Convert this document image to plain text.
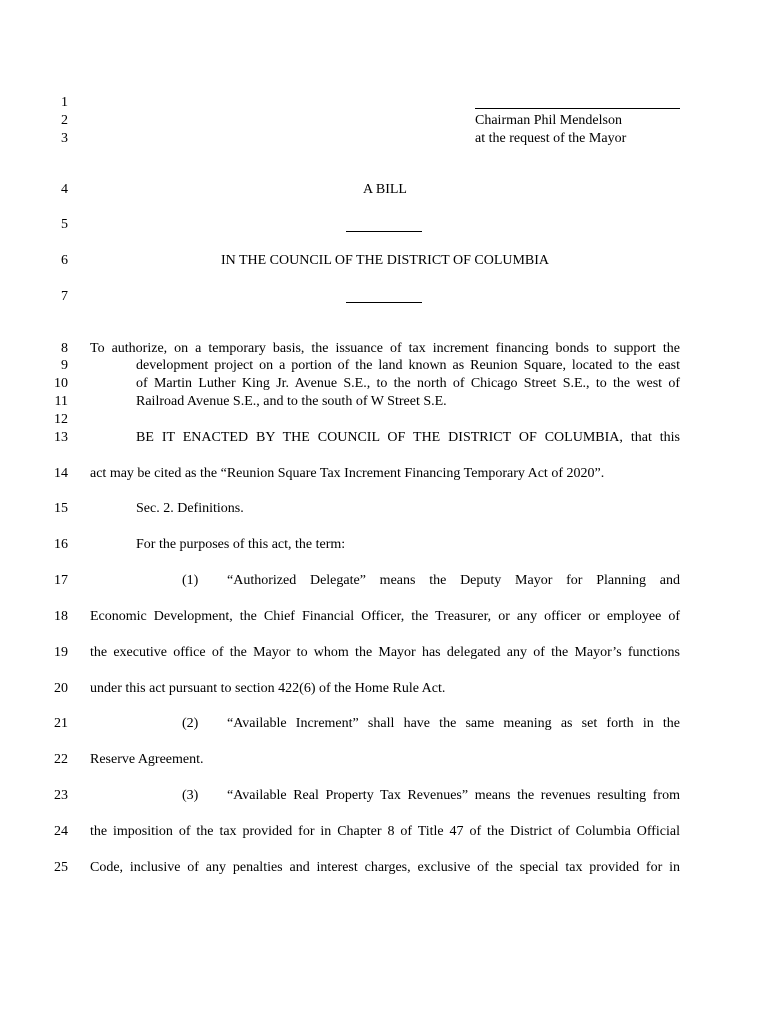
1
2
3
4
5
6
7
8
9
10
11
12
13
14
15
16
17
18
19
20
21
22
23
24
25
Chairman Phil Mendelson
at the request of the Mayor
A BILL
IN THE COUNCIL OF THE DISTRICT OF COLUMBIA
To authorize, on a temporary basis, the issuance of tax increment financing bonds to support the
development project on a portion of the land known as Reunion Square, located to the east
of Martin Luther King Jr. Avenue S.E., to the north of Chicago Street S.E., to the west of
Railroad Avenue S.E., and to the south of W Street S.E.
BE IT ENACTED BY THE COUNCIL OF THE DISTRICT OF COLUMBIA, that this
act may be cited as the “Reunion Square Tax Increment Financing Temporary Act of 2020”.
Sec. 2. Definitions.
For the purposes of this act, the term:
(1) “Authorized Delegate” means the Deputy Mayor for Planning and
Economic Development, the Chief Financial Officer, the Treasurer, or any officer or employee of
the executive office of the Mayor to whom the Mayor has delegated any of the Mayor’s functions
under this act pursuant to section 422(6) of the Home Rule Act.
(2) “Available Increment” shall have the same meaning as set forth in the
Reserve Agreement.
(3) “Available Real Property Tax Revenues” means the revenues resulting from
the imposition of the tax provided for in Chapter 8 of Title 47 of the District of Columbia Official
Code, inclusive of any penalties and interest charges, exclusive of the special tax provided for in
